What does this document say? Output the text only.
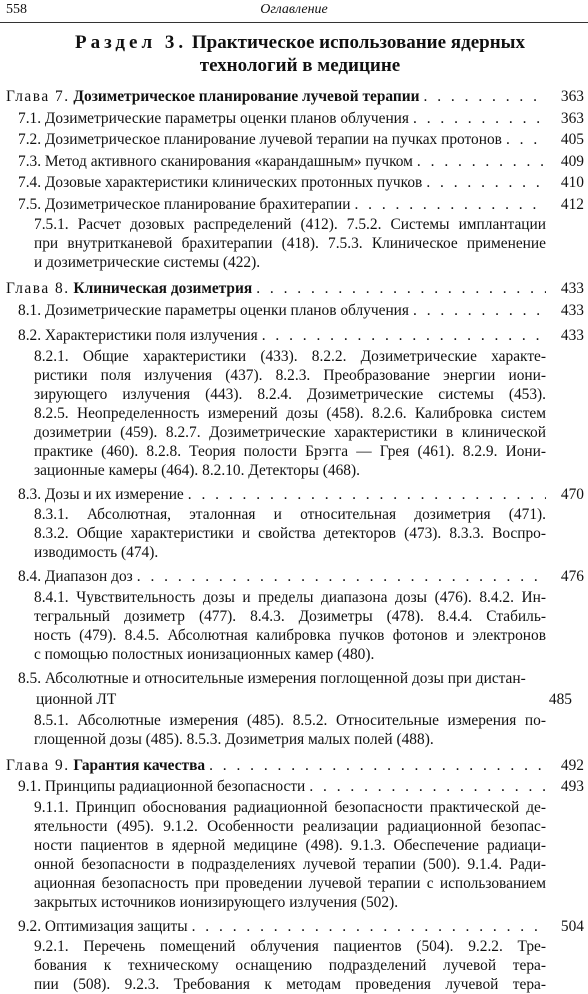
558	Оглавление
Раздел 3. Практическое использование ядерных
технологий в медицине
Глава 7. Дозиметрическое планирование лучевой терапии . . .	363
7.1. Дозиметрические параметры оценки планов облучения . . .	363
7.2. Дозиметрическое планирование лучевой терапии на пучках протонов . . .	405
7.3. Метод активного сканирования «карандашным» пучком . . .	409
7.4. Дозовые характеристики клинических протонных пучков . . .	410
7.5. Дозиметрическое планирование брахитерапии . . .	412
7.5.1. Расчет дозовых распределений (412). 7.5.2. Системы имплантации
при внутритканевой брахитерапии (418). 7.5.3. Клиническое применение
и дозиметрические системы (422).
Глава 8. Клиническая дозиметрия . . .	433
8.1. Дозиметрические параметры оценки планов облучения . . .	433
8.2. Характеристики поля излучения . . .	433
8.2.1. Общие характеристики (433). 8.2.2. Дозиметрические характе-
ристики поля излучения (437). 8.2.3. Преобразование энергии иони-
зирующего излучения (443). 8.2.4. Дозиметрические системы (453).
8.2.5. Неопределенность измерений дозы (458). 8.2.6. Калибровка систем
дозиметрии (459). 8.2.7. Дозиметрические характеристики в клинической
практике (460). 8.2.8. Теория полости Брэгга — Грея (461). 8.2.9. Иони-
зационные камеры (464). 8.2.10. Детекторы (468).
8.3. Дозы и их измерение . . .	470
8.3.1. Абсолютная, эталонная и относительная дозиметрия (471).
8.3.2. Общие характеристики и свойства детекторов (473). 8.3.3. Воспро-
изводимость (474).
8.4. Диапазон доз . . .	476
8.4.1. Чувствительность дозы и пределы диапазона дозы (476). 8.4.2. Ин-
тегральный дозиметр (477). 8.4.3. Дозиметры (478). 8.4.4. Стабиль-
ность (479). 8.4.5. Абсолютная калибровка пучков фотонов и электронов
с помощью полостных ионизационных камер (480).
8.5. Абсолютные и относительные измерения поглощенной дозы при дистан-
ционной ЛТ	485
8.5.1. Абсолютные измерения (485). 8.5.2. Относительные измерения по-
глощенной дозы (485). 8.5.3. Дозиметрия малых полей (488).
Глава 9. Гарантия качества . . .	492
9.1. Принципы радиационной безопасности . . .	493
9.1.1. Принцип обоснования радиационной безопасности практической де-
ятельности (495). 9.1.2. Особенности реализации радиационной безопас-
ности пациентов в ядерной медицине (498). 9.1.3. Обеспечение радиаци-
онной безопасности в подразделениях лучевой терапии (500). 9.1.4. Ради-
ационная безопасность при проведении лучевой терапии с использованием
закрытых источников ионизирующего излучения (502).
9.2. Оптимизация защиты . . .	504
9.2.1. Перечень помещений облучения пациентов (504). 9.2.2. Тре-
бования к техническому оснащению подразделений лучевой тера-
пии (508). 9.2.3. Требования к методам проведения лучевой тера-
